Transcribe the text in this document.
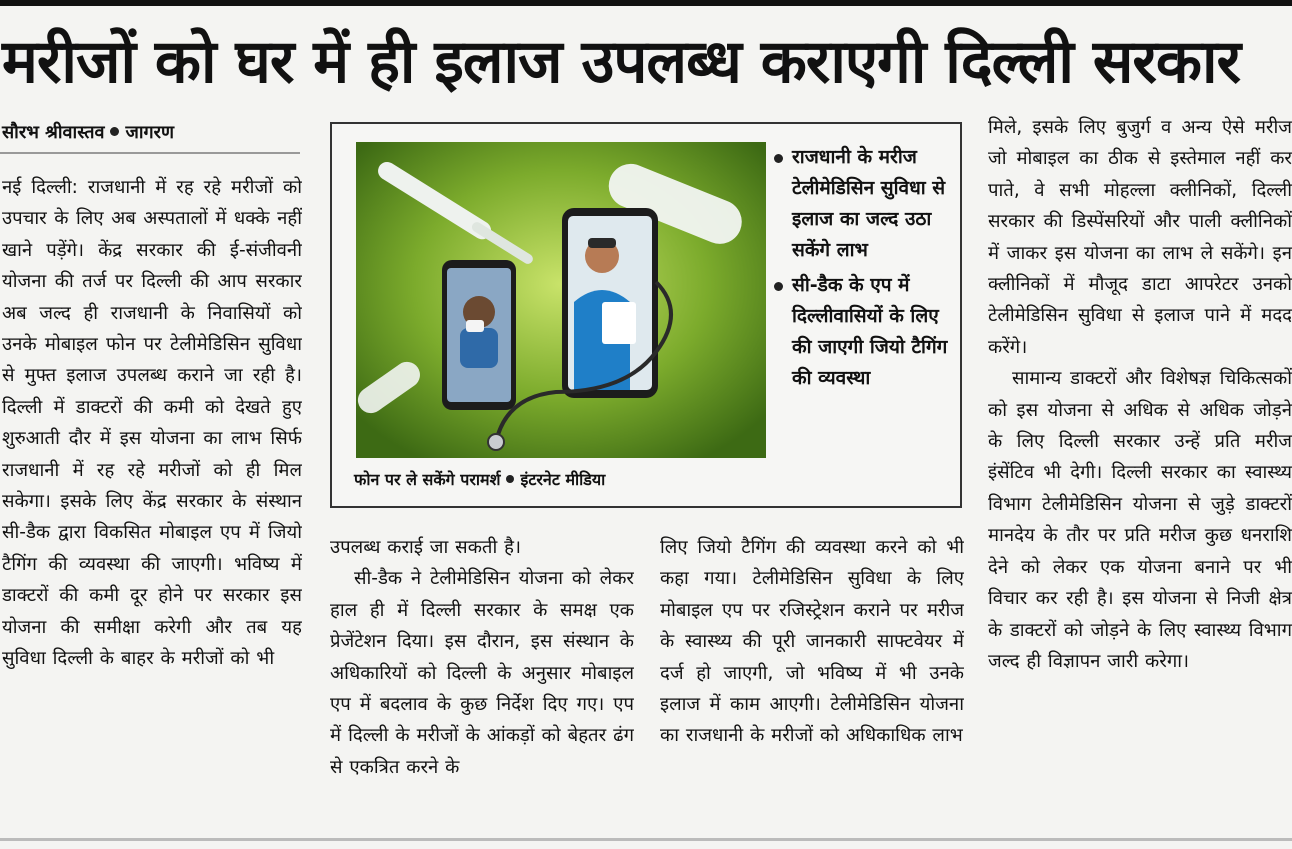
मरीजों को घर में ही इलाज उपलब्ध कराएगी दिल्ली सरकार
सौरभ श्रीवास्तव जागरण

नई दिल्ली: राजधानी में रह रहे मरीजों को उपचार के लिए अब अस्पतालों में धक्के नहीं खाने पड़ेंगे। केंद्र सरकार की ई-संजीवनी योजना की तर्ज पर दिल्ली की आप सरकार अब जल्द ही राजधानी के निवासियों को उनके मोबाइल फोन पर टेलीमेडिसिन सुविधा से मुफ्त इलाज उपलब्ध कराने जा रही है। दिल्ली में डाक्टरों की कमी को देखते हुए शुरुआती दौर में इस योजना का लाभ सिर्फ राजधानी में रह रहे मरीजों को ही मिल सकेगा। इसके लिए केंद्र सरकार के संस्थान सी-डैक द्वारा विकसित मोबाइल एप में जियो टैगिंग की व्यवस्था की जाएगी। भविष्य में डाक्टरों की कमी दूर होने पर सरकार इस योजना की समीक्षा करेगी और तब यह सुविधा दिल्ली के बाहर के मरीजों को भी

फोन पर ले सकेंगे परामर्श इंटरनेट मीडिया
राजधानी के मरीज टेलीमेडिसिन सुविधा से इलाज का जल्द उठा सकेंगे लाभ
सी-डैक के एप में दिल्लीवासियों के लिए की जाएगी जियो टैगिंग की व्यवस्था

उपलब्ध कराई जा सकती है।

सी-डैक ने टेलीमेडिसिन योजना को लेकर हाल ही में दिल्ली सरकार के समक्ष एक प्रेजेंटेशन दिया। इस दौरान, इस संस्थान के अधिकारियों को दिल्ली के अनुसार मोबाइल एप में बदलाव के कुछ निर्देश दिए गए। एप में दिल्ली के मरीजों के आंकड़ों को बेहतर ढंग से एकत्रित करने के

लिए जियो टैगिंग की व्यवस्था करने को भी कहा गया। टेलीमेडिसिन सुविधा के लिए मोबाइल एप पर रजिस्ट्रेशन कराने पर मरीज के स्वास्थ्य की पूरी जानकारी साफ्टवेयर में दर्ज हो जाएगी, जो भविष्य में भी उनके इलाज में काम आएगी। टेलीमेडिसिन योजना का राजधानी के मरीजों को अधिकाधिक लाभ

मिले, इसके लिए बुजुर्ग व अन्य ऐसे मरीज जो मोबाइल का ठीक से इस्तेमाल नहीं कर पाते, वे सभी मोहल्ला क्लीनिकों, दिल्ली सरकार की डिस्पेंसरियों और पाली क्लीनिकों में जाकर इस योजना का लाभ ले सकेंगे। इन क्लीनिकों में मौजूद डाटा आपरेटर उनको टेलीमेडिसिन सुविधा से इलाज पाने में मदद करेंगे।

सामान्य डाक्टरों और विशेषज्ञ चिकित्सकों को इस योजना से अधिक से अधिक जोड़ने के लिए दिल्ली सरकार उन्हें प्रति मरीज इंसेंटिव भी देगी। दिल्ली सरकार का स्वास्थ्य विभाग टेलीमेडिसिन योजना से जुड़े डाक्टरों मानदेय के तौर पर प्रति मरीज कुछ धनराशि देने को लेकर एक योजना बनाने पर भी विचार कर रही है। इस योजना से निजी क्षेत्र के डाक्टरों को जोड़ने के लिए स्वास्थ्य विभाग जल्द ही विज्ञापन जारी करेगा।
